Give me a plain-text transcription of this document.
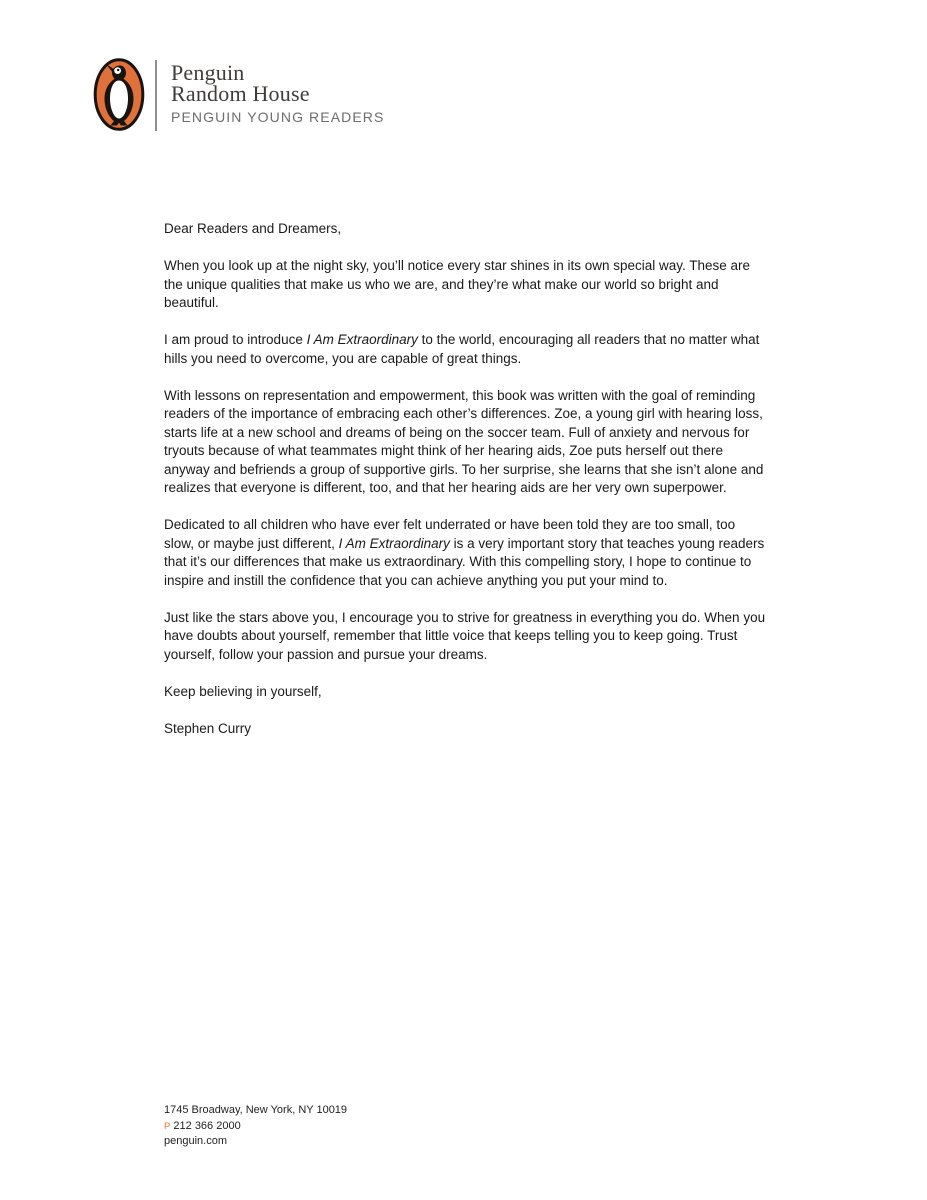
Penguin
Random House
PENGUIN YOUNG READERS

Dear Readers and Dreamers,

When you look up at the night sky, you’ll notice every star shines in its own special way. These are the unique qualities that make us who we are, and they’re what make our world so bright and beautiful.

I am proud to introduce I Am Extraordinary to the world, encouraging all readers that no matter what hills you need to overcome, you are capable of great things.

With lessons on representation and empowerment, this book was written with the goal of reminding readers of the importance of embracing each other’s differences. Zoe, a young girl with hearing loss, starts life at a new school and dreams of being on the soccer team. Full of anxiety and nervous for tryouts because of what teammates might think of her hearing aids, Zoe puts herself out there anyway and befriends a group of supportive girls. To her surprise, she learns that she isn’t alone and realizes that everyone is different, too, and that her hearing aids are her very own superpower.

Dedicated to all children who have ever felt underrated or have been told they are too small, too slow, or maybe just different, I Am Extraordinary is a very important story that teaches young readers that it’s our differences that make us extraordinary. With this compelling story, I hope to continue to inspire and instill the confidence that you can achieve anything you put your mind to.

Just like the stars above you, I encourage you to strive for greatness in everything you do. When you have doubts about yourself, remember that little voice that keeps telling you to keep going. Trust yourself, follow your passion and pursue your dreams.

Keep believing in yourself,

Stephen Curry

1745 Broadway, New York, NY 10019
P 212 366 2000
penguin.com
